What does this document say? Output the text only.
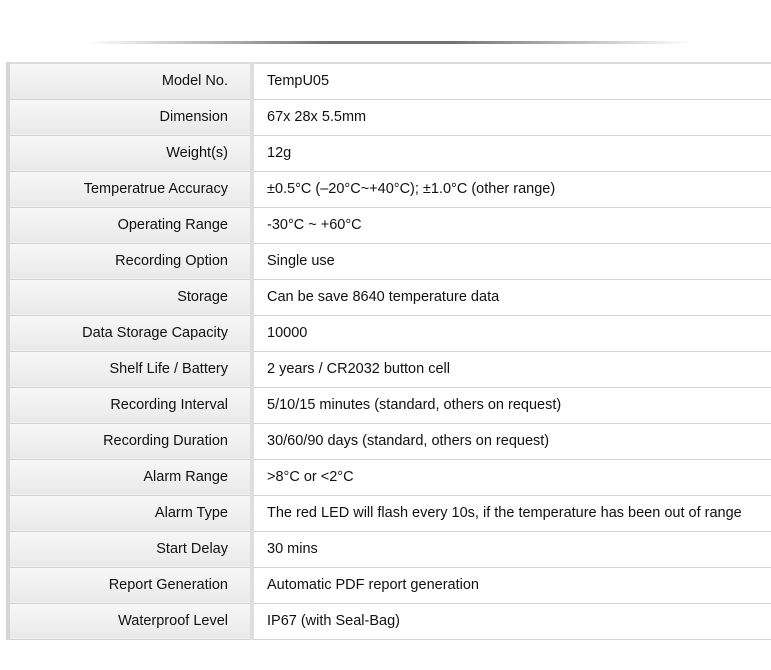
Model No.	TempU05
Dimension	67x 28x 5.5mm
Weight(s)	12g
Temperatrue Accuracy	±0.5°C (–20°C~+40°C); ±1.0°C (other range)
Operating Range	-30°C ~ +60°C
Recording Option	Single use
Storage	Can be save 8640 temperature data
Data Storage Capacity	10000
Shelf Life / Battery	2 years / CR2032 button cell
Recording Interval	5/10/15 minutes (standard, others on request)
Recording Duration	30/60/90 days (standard, others on request)
Alarm Range	>8°C or <2°C
Alarm Type	The red LED will flash every 10s, if the temperature has been out of range
Start Delay	30 mins
Report Generation	Automatic PDF report generation
Waterproof Level	IP67 (with Seal-Bag)
